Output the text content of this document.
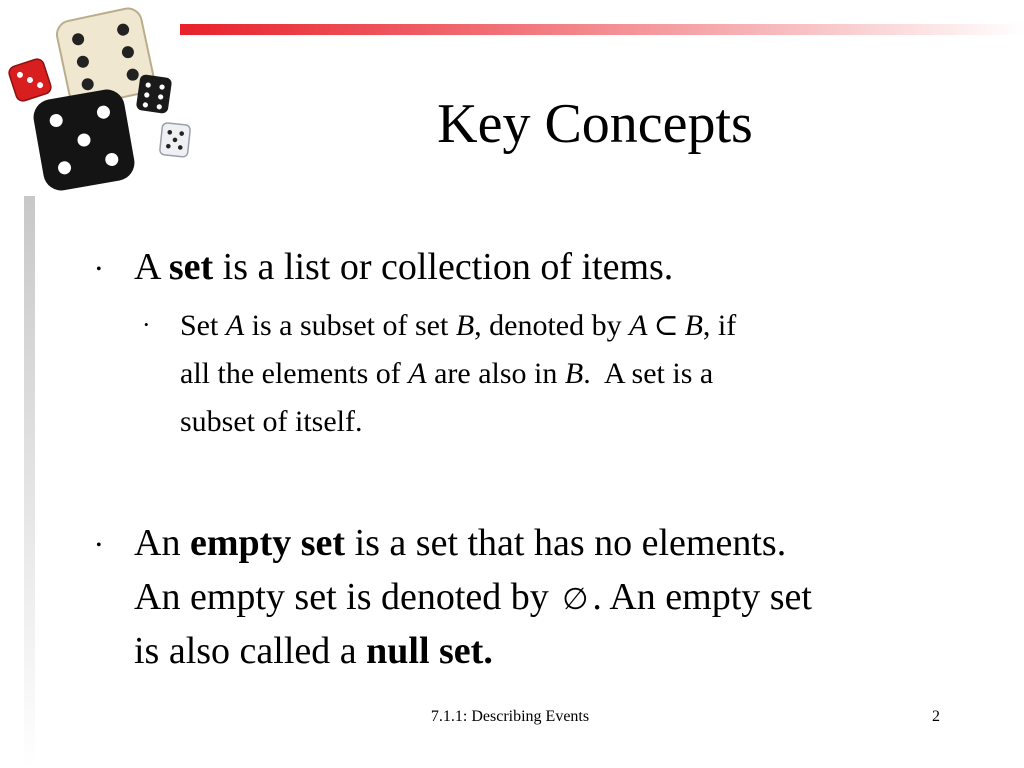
Key Concepts
• A set is a list or collection of items.
• Set A is a subset of set B, denoted by A ⊂ B, if
all the elements of A are also in B.  A set is a
subset of itself.
• An empty set is a set that has no elements.
An empty set is denoted by ∅ . An empty set
is also called a null set.
7.1.1: Describing Events	2
